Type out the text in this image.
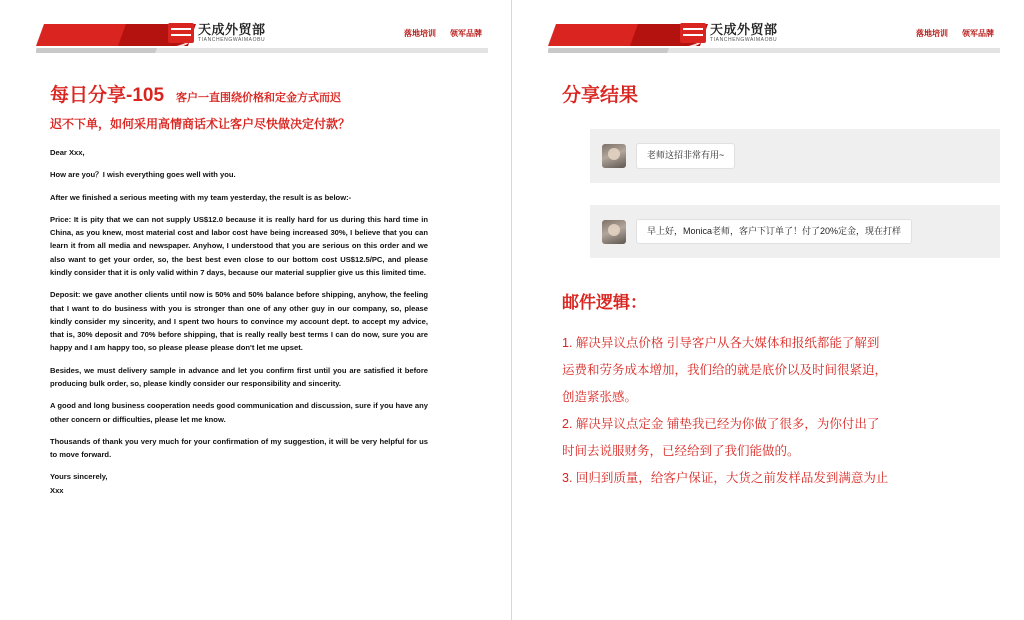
天成外贸部
TIANCHENGWAIMAOBU
落地培训 领军品牌
每日分享-105 客户一直围绕价格和定金方式而迟
迟不下单，如何采用高情商话术让客户尽快做决定付款？

Dear Xxx,

How are you？I wish everything goes well with you.

After we finished a serious meeting with my team yesterday, the result is as below:-

Price: It is pity that we can not supply US$12.0 because it is really hard for us during this hard time in China, as you knew, most material cost and labor cost have being increased 30%, I believe that you can learn it from all media and newspaper. Anyhow, I understood that you are serious on this order and we also want to get your order, so, the best best even close to our bottom cost US$12.5/PC, and please kindly consider that it is only valid within 7 days, because our material supplier give us this limited time.

Deposit: we gave another clients until now is 50% and 50% balance before shipping, anyhow, the feeling that I want to do business with you is stronger than one of any other guy in our company, so, please kindly consider my sincerity, and I spent two hours to convince my account dept. to accept my advice, that is, 30% deposit and 70% before shipping, that is really really best terms I can do now, sure you are happy and I am happy too, so please please please don't let me upset.

Besides, we must delivery sample in advance and let you confirm first until you are satisfied it before producing bulk order, so, please kindly consider our responsibility and sincerity.

A good and long business cooperation needs good communication and discussion, sure if you have any other concern or difficulties, please let me know.

Thousands of thank you very much for your confirmation of my suggestion, it will be very helpful for us to move forward.

Yours sincerely,

Xxx

天成外贸部
TIANCHENGWAIMAOBU
落地培训 领军品牌
分享结果
老师这招非常有用~
早上好，Monica老师，客户下订单了！付了20%定金，现在打样
邮件逻辑：
1. 解决异议点价格 引导客户从各大媒体和报纸都能了解到
运费和劳务成本增加，我们给的就是底价以及时间很紧迫，
创造紧张感。
2. 解决异议点定金 铺垫我已经为你做了很多，为你付出了
时间去说服财务，已经给到了我们能做的。
3. 回归到质量，给客户保证，大货之前发样品发到满意为止
